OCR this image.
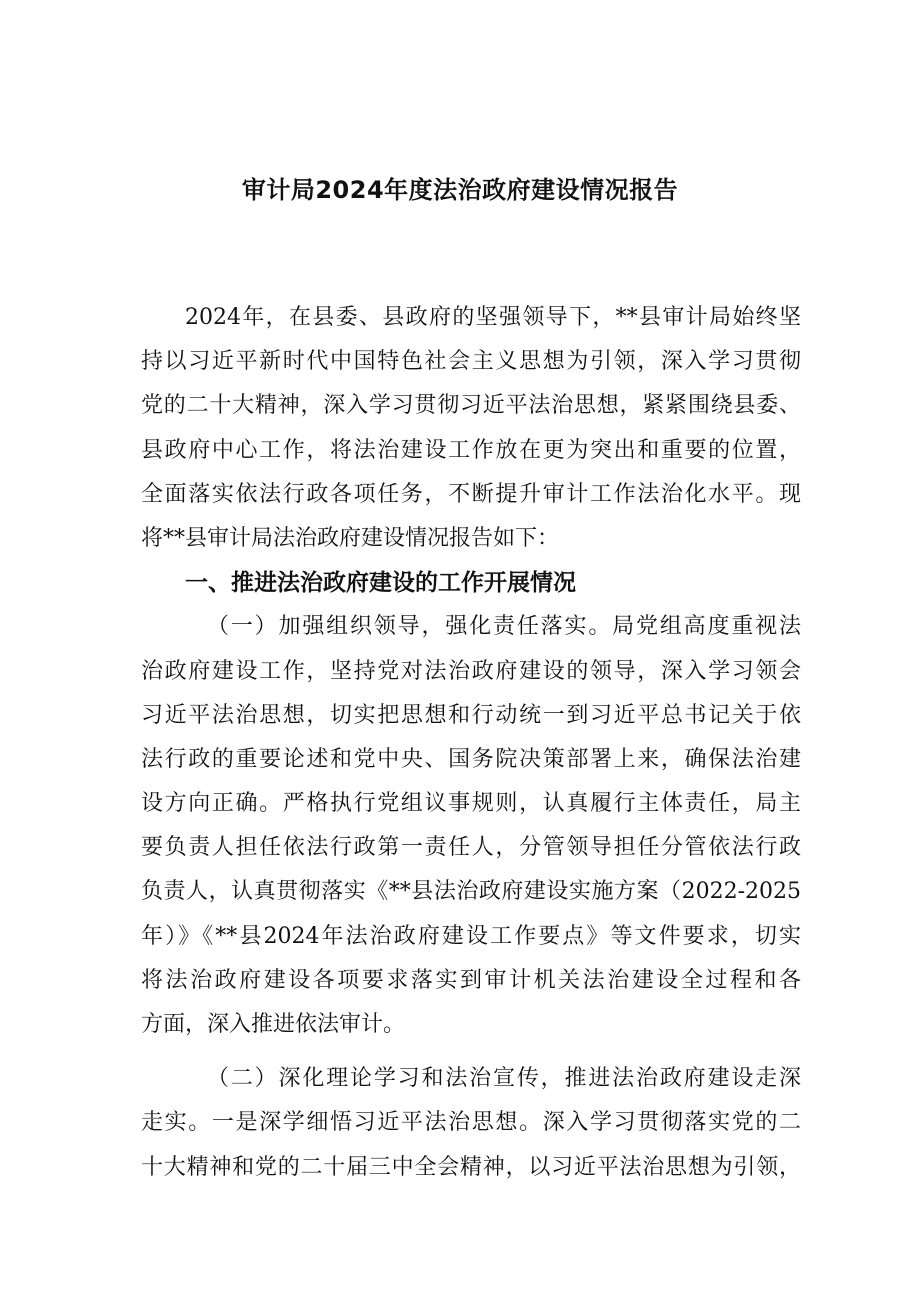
审计局2024年度法治政府建设情况报告
2024年，在县委、县政府的坚强领导下，**县审计局始终坚
持以习近平新时代中国特色社会主义思想为引领，深入学习贯彻
党的二十大精神，深入学习贯彻习近平法治思想，紧紧围绕县委、
县政府中心工作，将法治建设工作放在更为突出和重要的位置，
全面落实依法行政各项任务，不断提升审计工作法治化水平。现
将**县审计局法治政府建设情况报告如下：
一、推进法治政府建设的工作开展情况
（一）加强组织领导，强化责任落实。局党组高度重视法
治政府建设工作，坚持党对法治政府建设的领导，深入学习领会
习近平法治思想，切实把思想和行动统一到习近平总书记关于依
法行政的重要论述和党中央、国务院决策部署上来，确保法治建
设方向正确。严格执行党组议事规则，认真履行主体责任，局主
要负责人担任依法行政第一责任人，分管领导担任分管依法行政
负责人，认真贯彻落实《**县法治政府建设实施方案（2022-2025
年）》《**县2024年法治政府建设工作要点》等文件要求，切实
将法治政府建设各项要求落实到审计机关法治建设全过程和各
方面，深入推进依法审计。
（二）深化理论学习和法治宣传，推进法治政府建设走深
走实。一是深学细悟习近平法治思想。深入学习贯彻落实党的二
十大精神和党的二十届三中全会精神，以习近平法治思想为引领，
